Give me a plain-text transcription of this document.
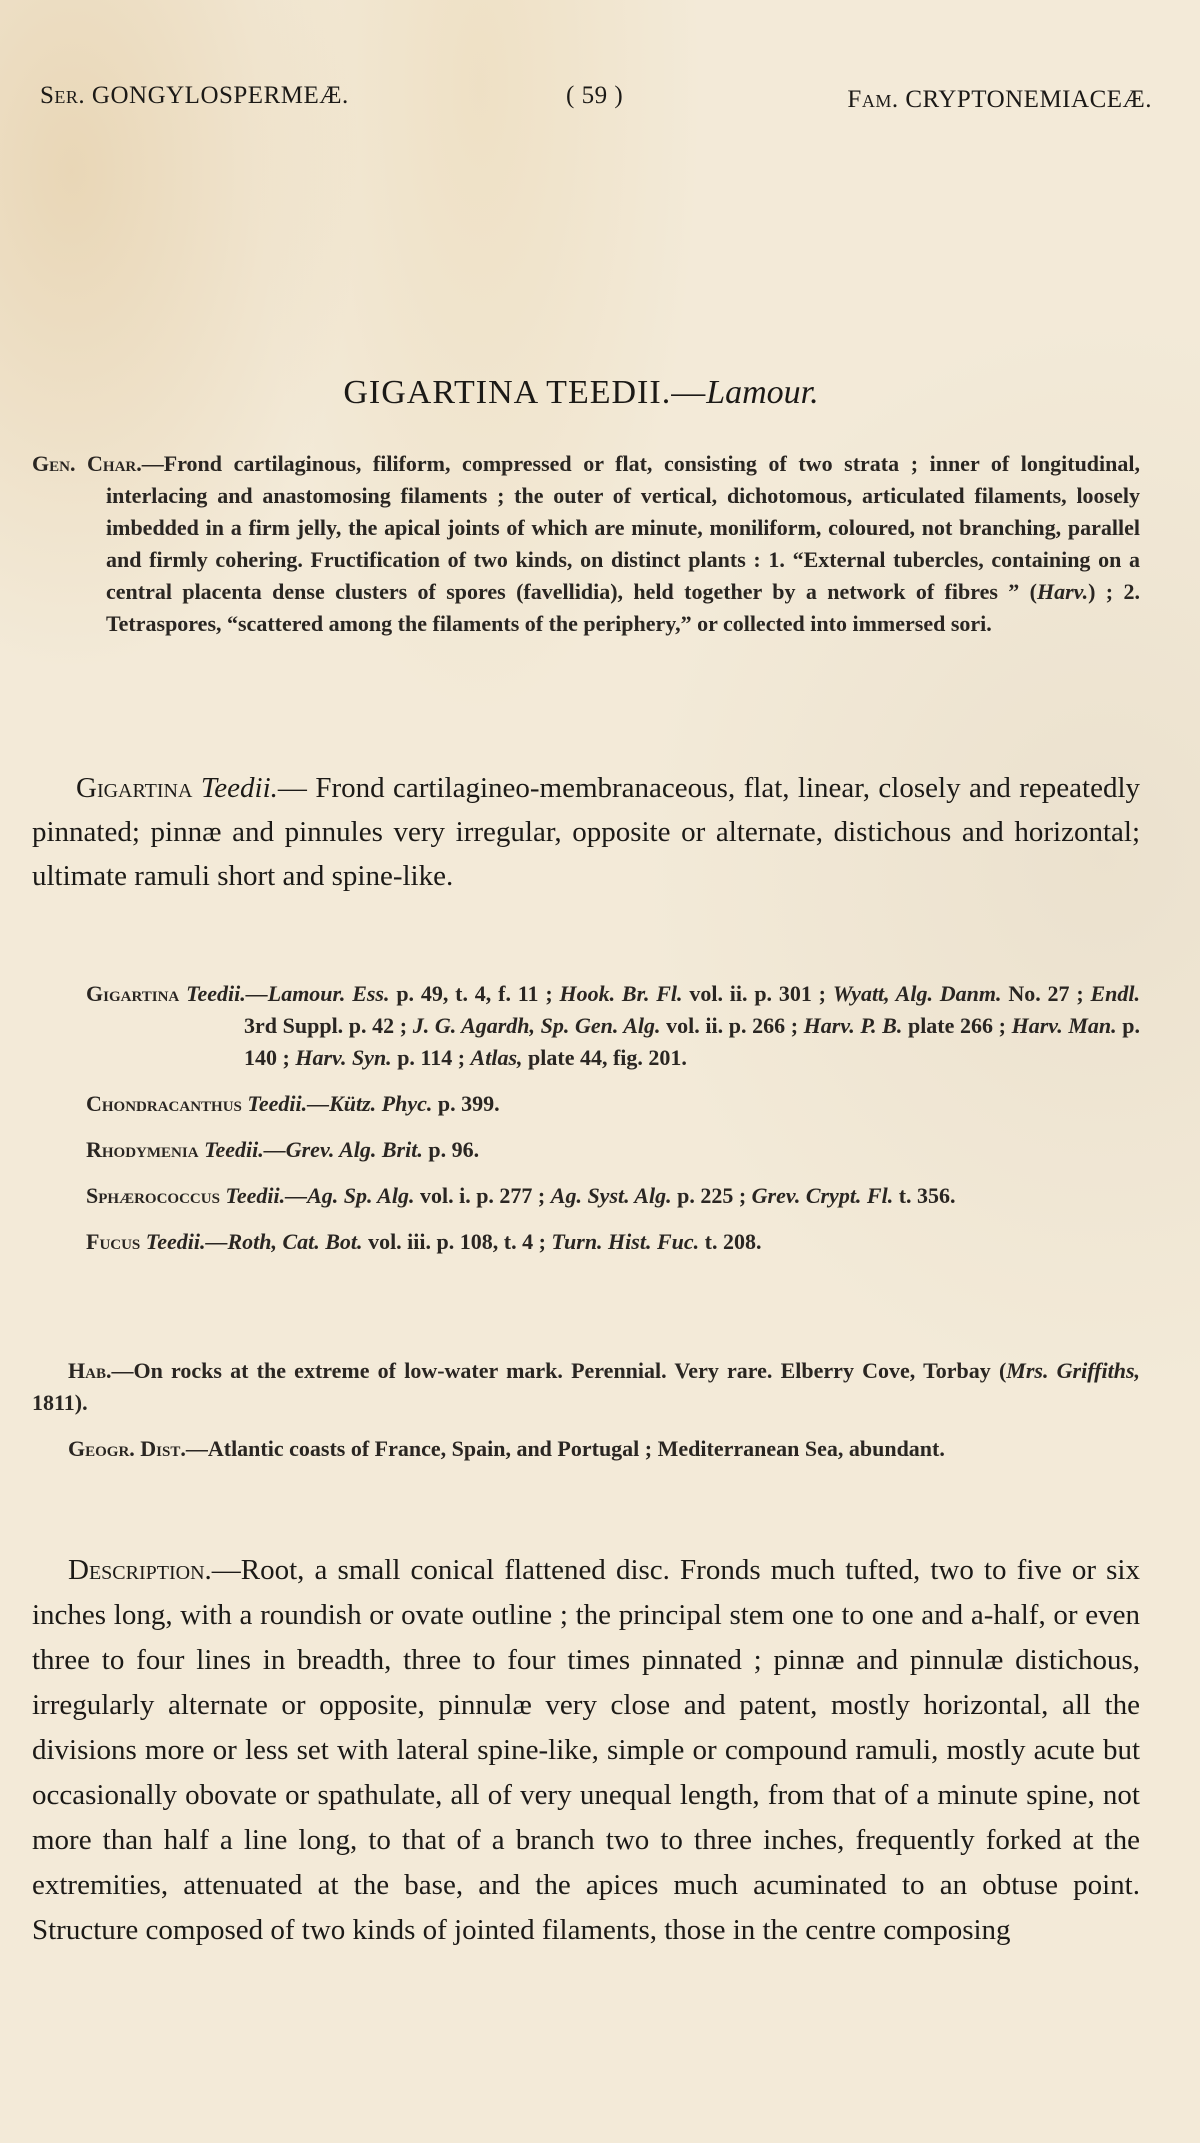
Ser. GONGYLOSPERMEÆ.	( 59 )	Fam. CRYPTONEMIACEÆ.
GIGARTINA TEEDII.—Lamour.

Gen. Char.—Frond cartilaginous, filiform, compressed or flat, consisting of two strata ; inner of longitudinal, interlacing and anastomosing filaments ; the outer of vertical, dichotomous, articulated filaments, loosely imbedded in a firm jelly, the apical joints of which are minute, moniliform, coloured, not branching, parallel and firmly cohering. Fructification of two kinds, on distinct plants : 1. “External tubercles, containing on a central placenta dense clusters of spores (favellidia), held together by a network of fibres ” (Harv.) ; 2. Tetraspores, “scattered among the filaments of the periphery,” or collected into immersed sori.

Gigartina Teedii.— Frond cartilagineo-membranaceous, flat, linear, closely and repeatedly pinnated; pinnæ and pinnules very irregular, opposite or alternate, distichous and horizontal; ultimate ramuli short and spine-like.

Gigartina Teedii.—Lamour. Ess. p. 49, t. 4, f. 11 ; Hook. Br. Fl. vol. ii. p. 301 ; Wyatt, Alg. Danm. No. 27 ; Endl. 3rd Suppl. p. 42 ; J. G. Agardh, Sp. Gen. Alg. vol. ii. p. 266 ; Harv. P. B. plate 266 ; Harv. Man. p. 140 ; Harv. Syn. p. 114 ; Atlas, plate 44, fig. 201.

Chondracanthus Teedii.—Kütz. Phyc. p. 399.

Rhodymenia Teedii.—Grev. Alg. Brit. p. 96.

Sphærococcus Teedii.—Ag. Sp. Alg. vol. i. p. 277 ; Ag. Syst. Alg. p. 225 ; Grev. Crypt. Fl. t. 356.

Fucus Teedii.—Roth, Cat. Bot. vol. iii. p. 108, t. 4 ; Turn. Hist. Fuc. t. 208.

Hab.—On rocks at the extreme of low-water mark. Perennial. Very rare. Elberry Cove, Torbay (Mrs. Griffiths, 1811).

Geogr. Dist.—Atlantic coasts of France, Spain, and Portugal ; Mediterranean Sea, abundant.

Description.—Root, a small conical flattened disc. Fronds much tufted, two to five or six inches long, with a roundish or ovate outline ; the principal stem one to one and a-half, or even three to four lines in breadth, three to four times pinnated ; pinnæ and pinnulæ distichous, irregularly alternate or opposite, pinnulæ very close and patent, mostly horizontal, all the divisions more or less set with lateral spine-like, simple or compound ramuli, mostly acute but occasionally obovate or spathulate, all of very unequal length, from that of a minute spine, not more than half a line long, to that of a branch two to three inches, frequently forked at the extremities, attenuated at the base, and the apices much acuminated to an obtuse point. Structure composed of two kinds of jointed filaments, those in the centre composing
